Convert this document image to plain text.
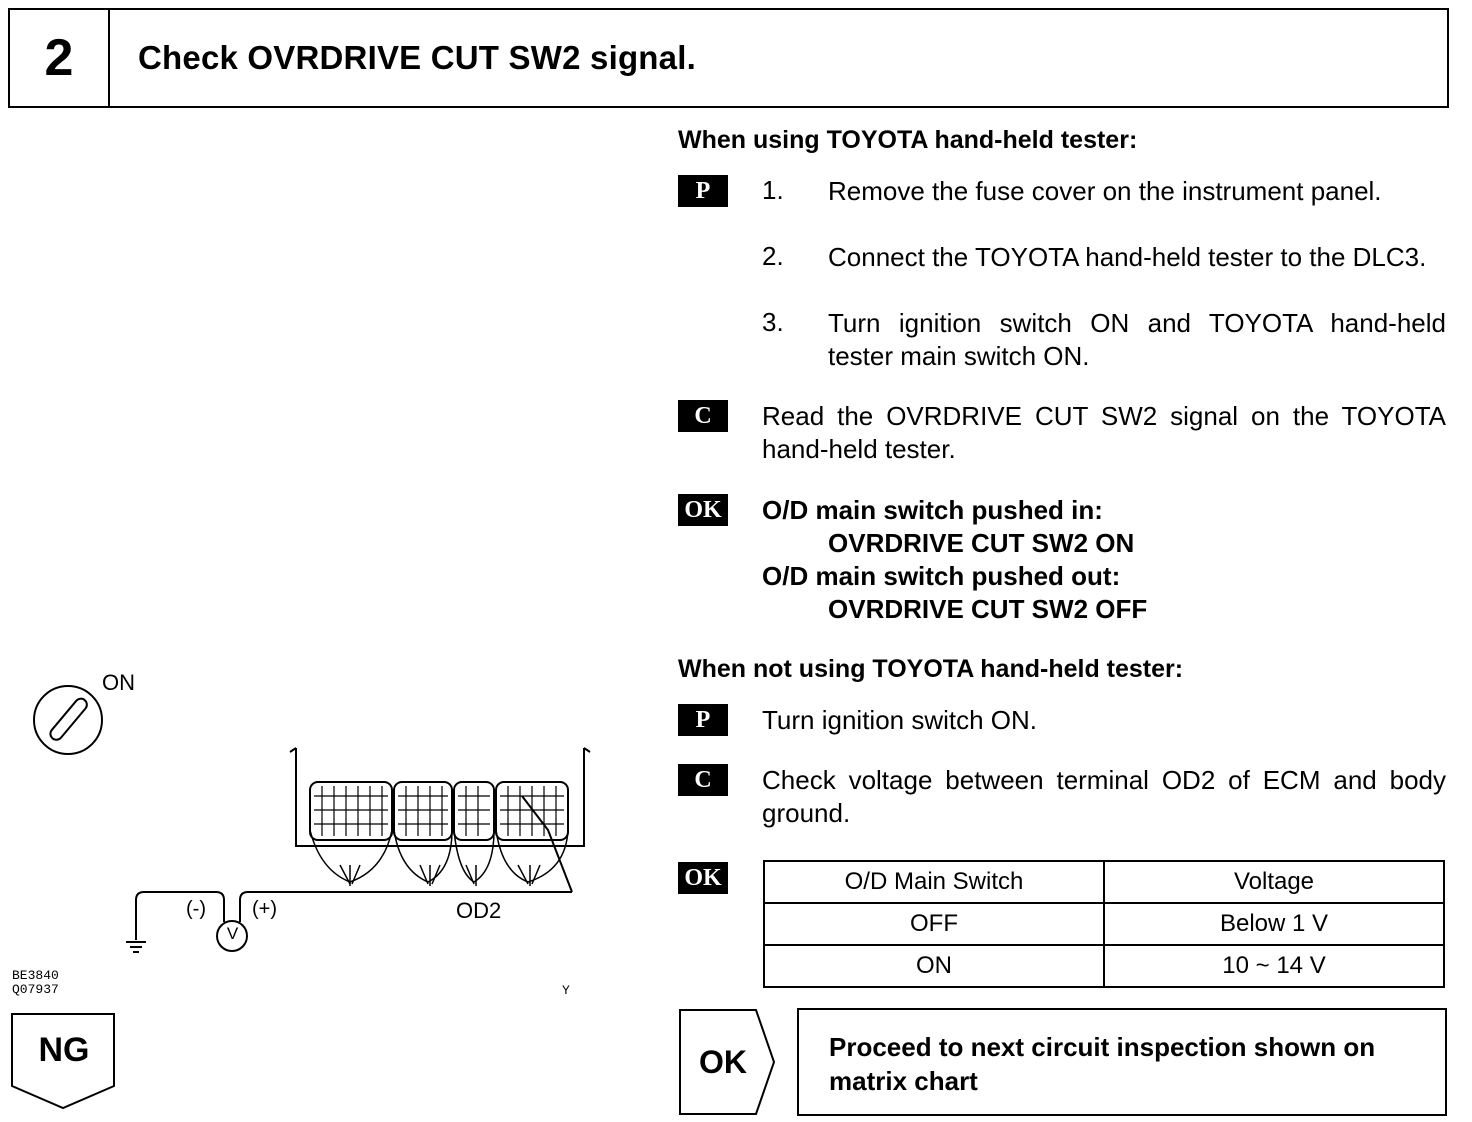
2	Check OVRDRIVE CUT SW2 signal.
When using TOYOTA hand-held tester:
P	1. Remove the fuse cover on the instrument panel.
2. Connect the TOYOTA hand-held tester to the DLC3.
3. Turn ignition switch ON and TOYOTA hand-held tester main switch ON.
C	Read the OVRDRIVE CUT SW2 signal on the TOYOTA hand-held tester.
OK O/D main switch pushed in:
OVRDRIVE CUT SW2 ON
O/D main switch pushed out:
OVRDRIVE CUT SW2 OFF
When not using TOYOTA hand-held tester:
P	Turn ignition switch ON.
C	Check voltage between terminal OD2 of ECM and body ground.
OK	O/D Main Switch	Voltage
OFF	Below 1 V
ON	10 ~ 14 V
OK	Proceed to next circuit inspection shown on matrix chart
NG
ON
(-) (+)
V
OD2
BE3840
Q07937	Y
